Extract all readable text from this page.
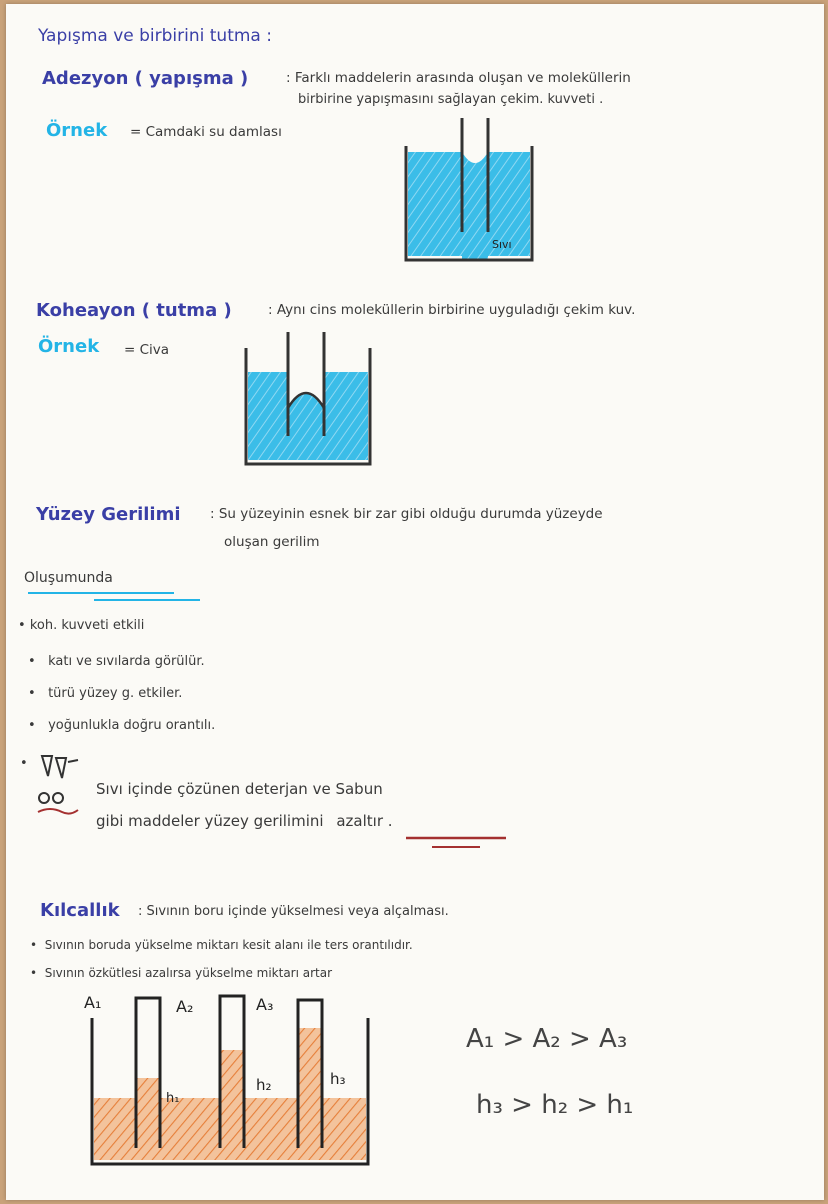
Yapışma ve birbirini tutma :
Adezyon ( yapışma )	: Farklı maddelerin arasında oluşan ve moleküllerin
birbirine yapışmasını sağlayan çekim. kuvveti .
Örnek = Camdaki su damlası
Sıvı
Koheayon ( tutma )	: Aynı cins moleküllerin birbirine uyguladığı çekim kuv.
Örnek = Civa
Yüzey Gerilimi : Su yüzeyinin esnek bir zar gibi olduğu durumda yüzeyde
oluşan gerilim
Oluşumunda
• koh. kuvveti etkili
•   katı ve sıvılarda görülür.
•   türü yüzey g. etkiler.
•   yoğunlukla doğru orantılı.
•
Sıvı içinde çözünen deterjan ve Sabun
gibi maddeler yüzey gerilimini azaltır .
Kılcallık : Sıvının boru içinde yükselmesi veya alçalması.
•  Sıvının boruda yükselme miktarı kesit alanı ile ters orantılıdır.
•  Sıvının özkütlesi azalırsa yükselme miktarı artar
A₁	A₂	A₃
h₁
h₂	h₃
A₁ > A₂ > A₃
h₃ > h₂ > h₁
